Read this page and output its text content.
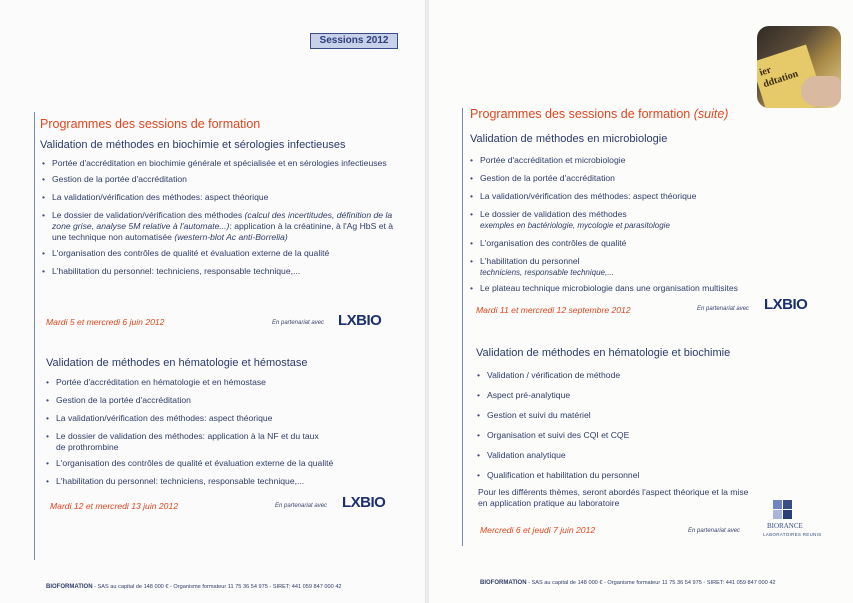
Sessions 2012
Programmes des sessions de formation
Validation de méthodes en biochimie et sérologies infectieuses
• Portée d'accréditation en biochimie générale et spécialisée et en sérologies infectieuses
• Gestion de la portée d'accréditation
• La validation/vérification des méthodes: aspect théorique
• Le dossier de validation/vérification des méthodes (calcul des incertitudes, définition de la zone grise, analyse 5M relative à l'automate...): application à la créatinine, à l'Ag HbS et à une technique non automatisée (western-blot Ac anti-Borrelia)
• L'organisation des contrôles de qualité et évaluation externe de la qualité
• L'habilitation du personnel: techniciens, responsable technique,...
Mardi 5 et mercredi 6 juin 2012	En partenariat avec LXBIO
Validation de méthodes en hématologie et hémostase
• Portée d'accréditation en hématologie et en hémostase
• Gestion de la portée d'accréditation
• La validation/vérification des méthodes: aspect théorique
• Le dossier de validation des méthodes: application à la NF et du taux de prothrombine
• L'organisation des contrôles de qualité et évaluation externe de la qualité
• L'habilitation du personnel: techniciens, responsable technique,...
Mardi 12 et mercredi 13 juin 2012	En partenariat avec LXBIO
BIOFORMATION - SAS au capital de 148 000 € - Organisme formateur 11 75 36 54 975 - SIRET: 441 059 847 000 42
ier
ddtation
Programmes des sessions de formation (suite)
Validation de méthodes en microbiologie
• Portée d'accréditation et microbiologie
• Gestion de la portée d'accréditation
• La validation/vérification des méthodes: aspect théorique
• Le dossier de validation des méthodes
exemples en bactériologie, mycologie et parasitologie
• L'organisation des contrôles de qualité
• L'habilitation du personnel
techniciens, responsable technique,...
• Le plateau technique microbiologie dans une organisation multisites
Mardi 11 et mercredi 12 septembre 2012	En partenariat avec LXBIO
Validation de méthodes en hématologie et biochimie
• Validation / vérification de méthode
• Aspect pré-analytique
• Gestion et suivi du matériel
• Organisation et suivi des CQI et CQE
• Validation analytique
• Qualification et habilitation du personnel
Pour les différents thèmes, seront abordés l'aspect théorique et la mise en application pratique au laboratoire
Mercredi 6 et jeudi 7 juin 2012	En partenariat avec
BIORANCE
LABORATOIRES REUNIS
BIOFORMATION - SAS au capital de 148 000 € - Organisme formateur 11 75 36 54 975 - SIRET: 441 059 847 000 42
